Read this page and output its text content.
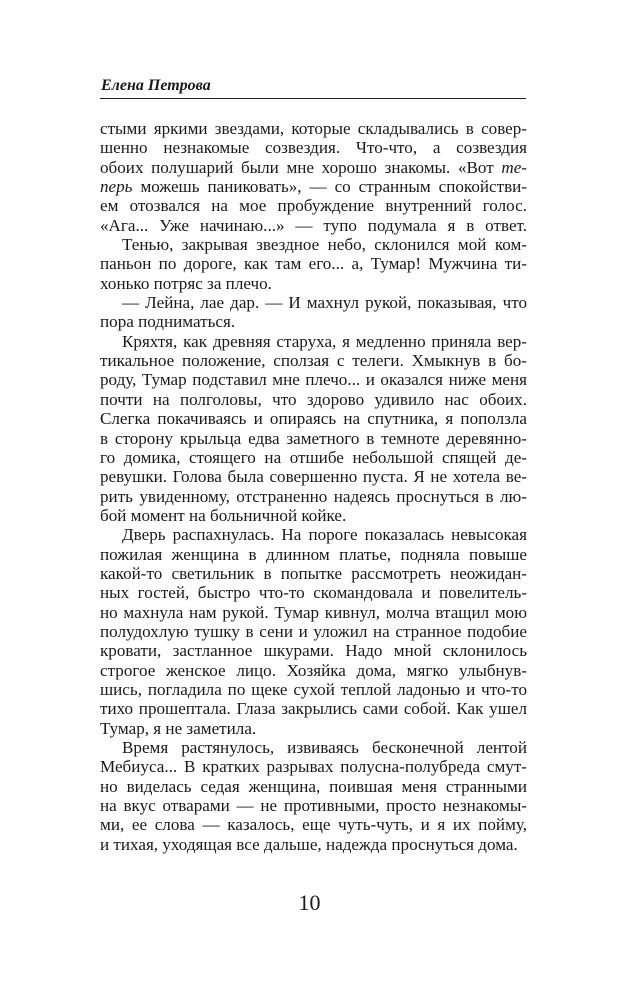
Елена Петрова

стыми яркими звездами, которые складывались в совер-
шенно незнакомые созвездия. Что-что, а созвездия
обоих полушарий были мне хорошо знакомы. «Вот те-
перь можешь паниковать», — со странным спокойстви-
ем отозвался на мое пробуждение внутренний голос.
«Ага... Уже начинаю...» — тупо подумала я в ответ.

Тенью, закрывая звездное небо, склонился мой ком-
паньон по дороге, как там его... а, Тумар! Мужчина ти-
хонько потряс за плечо.

— Лейна, лае дар. — И махнул рукой, показывая, что
пора подниматься.

Кряхтя, как древняя старуха, я медленно приняла вер-
тикальное положение, сползая с телеги. Хмыкнув в бо-
роду, Тумар подставил мне плечо... и оказался ниже меня
почти на полголовы, что здорово удивило нас обоих.
Слегка покачиваясь и опираясь на спутника, я поползла
в сторону крыльца едва заметного в темноте деревянно-
го домика, стоящего на отшибе небольшой спящей де-
ревушки. Голова была совершенно пуста. Я не хотела ве-
рить увиденному, отстраненно надеясь проснуться в лю-
бой момент на больничной койке.

Дверь распахнулась. На пороге показалась невысокая
пожилая женщина в длинном платье, подняла повыше
какой-то светильник в попытке рассмотреть неожидан-
ных гостей, быстро что-то скомандовала и повелитель-
но махнула нам рукой. Тумар кивнул, молча втащил мою
полудохлую тушку в сени и уложил на странное подобие
кровати, застланное шкурами. Надо мной склонилось
строгое женское лицо. Хозяйка дома, мягко улыбнув-
шись, погладила по щеке сухой теплой ладонью и что-то
тихо прошептала. Глаза закрылись сами собой. Как ушел
Тумар, я не заметила.

Время растянулось, извиваясь бесконечной лентой
Мебиуса... В кратких разрывах полусна-полубреда смут-
но виделась седая женщина, поившая меня странными
на вкус отварами — не противными, просто незнакомы-
ми, ее слова — казалось, еще чуть-чуть, и я их пойму,
и тихая, уходящая все дальше, надежда проснуться дома.

10
